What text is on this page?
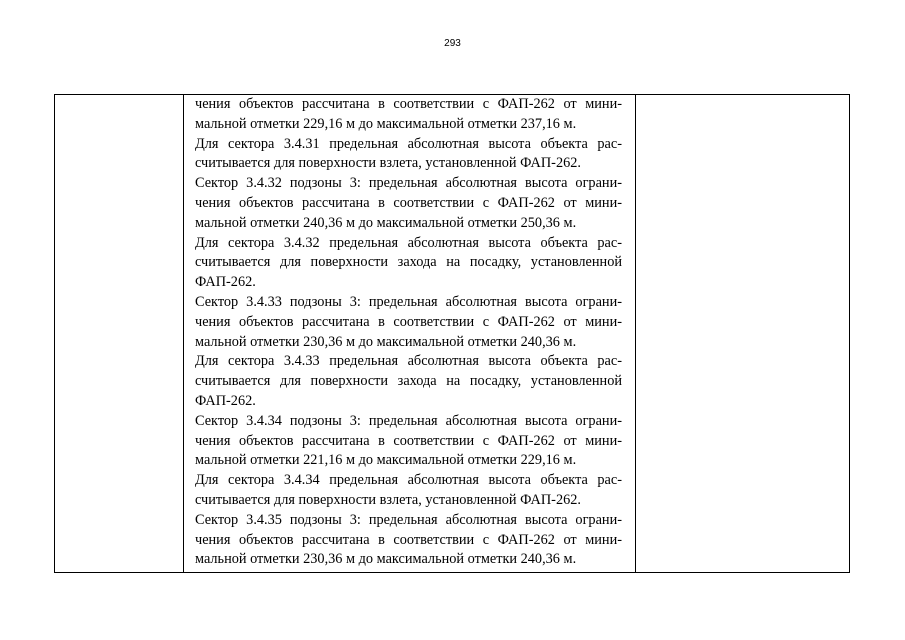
293
чения объектов рассчитана в соответствии с ФАП-262 от мини-
мальной отметки 229,16 м до максимальной отметки 237,16 м.
Для сектора 3.4.31 предельная абсолютная высота объекта рас-
считывается для поверхности взлета, установленной ФАП-262.
Сектор 3.4.32 подзоны 3: предельная абсолютная высота ограни-
чения объектов рассчитана в соответствии с ФАП-262 от мини-
мальной отметки 240,36 м до максимальной отметки 250,36 м.
Для сектора 3.4.32 предельная абсолютная высота объекта рас-
считывается для поверхности захода на посадку, установленной
ФАП-262.
Сектор 3.4.33 подзоны 3: предельная абсолютная высота ограни-
чения объектов рассчитана в соответствии с ФАП-262 от мини-
мальной отметки 230,36 м до максимальной отметки 240,36 м.
Для сектора 3.4.33 предельная абсолютная высота объекта рас-
считывается для поверхности захода на посадку, установленной
ФАП-262.
Сектор 3.4.34 подзоны 3: предельная абсолютная высота ограни-
чения объектов рассчитана в соответствии с ФАП-262 от мини-
мальной отметки 221,16 м до максимальной отметки 229,16 м.
Для сектора 3.4.34 предельная абсолютная высота объекта рас-
считывается для поверхности взлета, установленной ФАП-262.
Сектор 3.4.35 подзоны 3: предельная абсолютная высота ограни-
чения объектов рассчитана в соответствии с ФАП-262 от мини-
мальной отметки 230,36 м до максимальной отметки 240,36 м.
